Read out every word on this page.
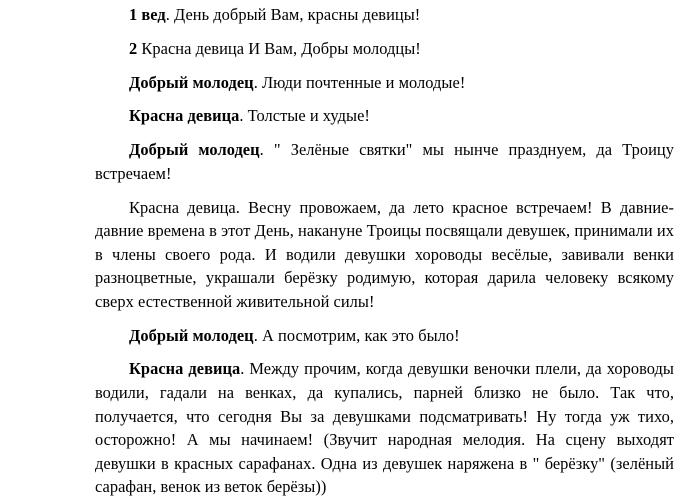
1 вед. День добрый Вам, красны девицы!

2 Красна девица И Вам, Добры молодцы!

Добрый молодец. Люди почтенные и молодые!

Красна девица. Толстые и худые!

Добрый молодец. " Зелёные святки" мы нынче празднуем, да Троицу встречаем!

Красна девица. Весну провожаем, да лето красное встречаем! В давние-давние времена в этот День, накануне Троицы посвящали девушек, принимали их в члены своего рода. И водили девушки хороводы весёлые, завивали венки разноцветные, украшали берёзку родимую, которая дарила человеку всякому сверх естественной живительной силы!

Добрый молодец. А посмотрим, как это было!

Красна девица. Между прочим, когда девушки веночки плели, да хороводы водили, гадали на венках, да купались, парней близко не было. Так что, получается, что сегодня Вы за девушками подсматривать! Ну тогда уж тихо, осторожно! А мы начинаем! (Звучит народная мелодия. На сцену выходят девушки в красных сарафанах. Одна из девушек наряжена в " берёзку" (зелёный сарафан, венок из веток берёзы))
